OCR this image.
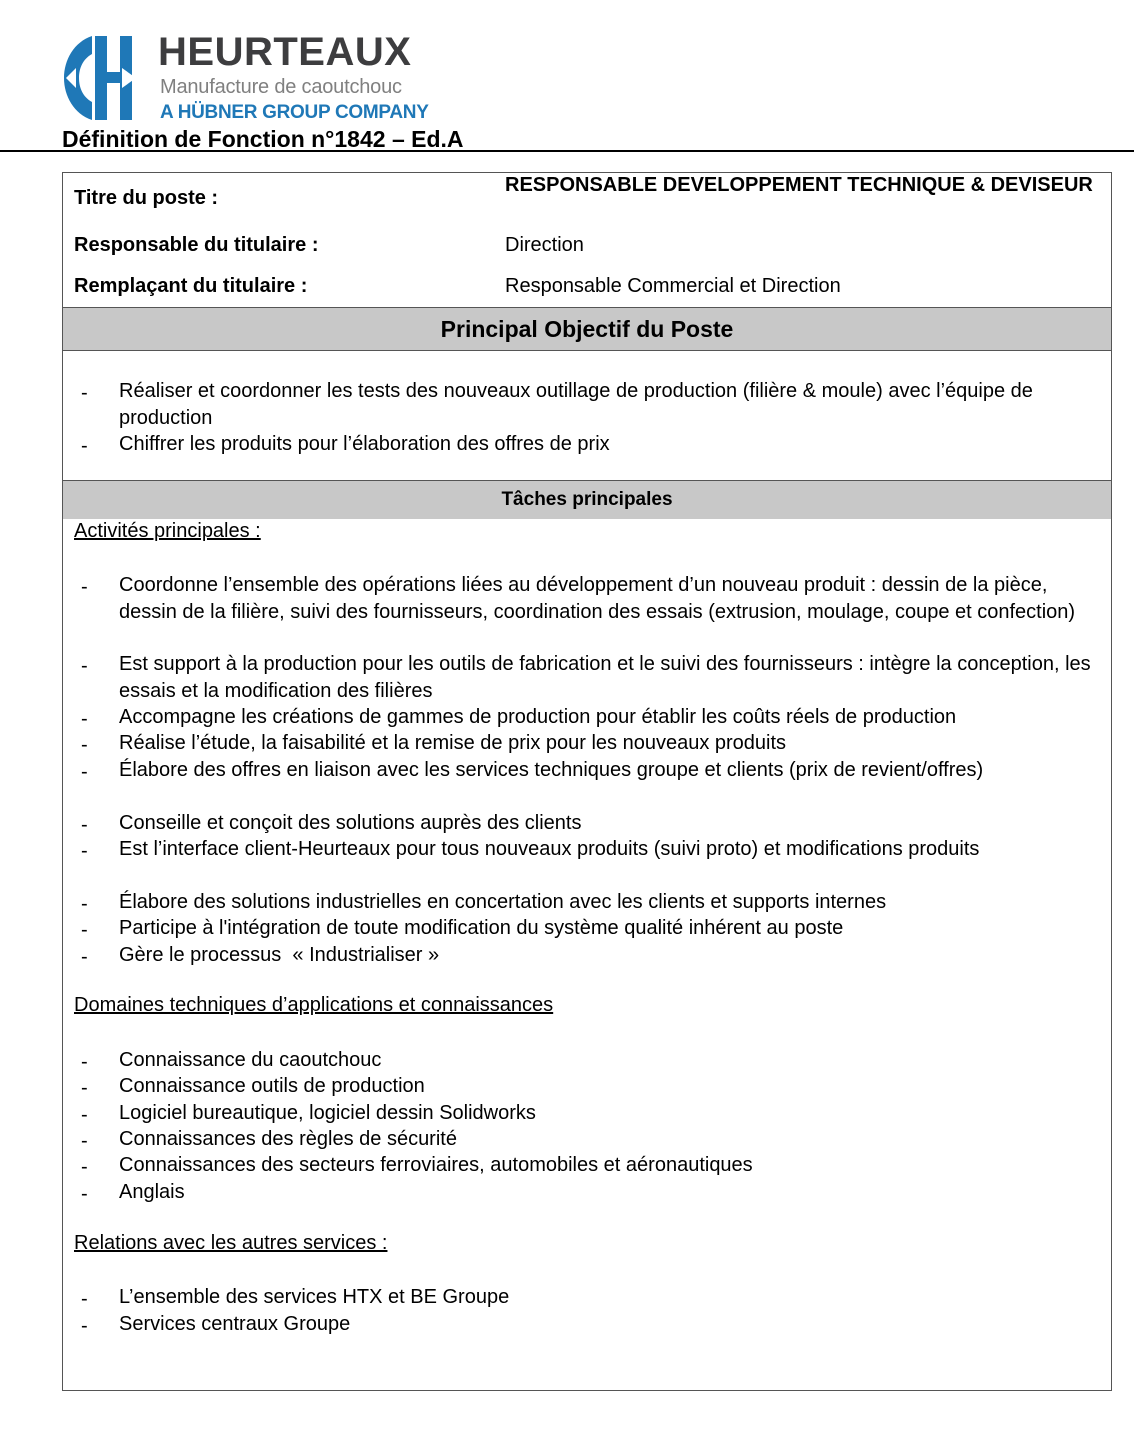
HEURTEAUX
Manufacture de caoutchouc
A HÜBNER GROUP COMPANY
Définition de Fonction n°1842 – Ed.A
Titre du poste :
RESPONSABLE DEVELOPPEMENT TECHNIQUE & DEVISEUR
Responsable du titulaire :	Direction
Remplaçant du titulaire :	Responsable Commercial et Direction
Principal Objectif du Poste
- Réaliser et coordonner les tests des nouveaux outillage de production (filière & moule) avec l’équipe de production
- Chiffrer les produits pour l’élaboration des offres de prix
Tâches principales
Activités principales :
- Coordonne l’ensemble des opérations liées au développement d’un nouveau produit : dessin de la pièce, dessin de la filière, suivi des fournisseurs, coordination des essais (extrusion, moulage, coupe et confection)
- Est support à la production pour les outils de fabrication et le suivi des fournisseurs : intègre la conception, les essais et la modification des filières
- Accompagne les créations de gammes de production pour établir les coûts réels de production
- Réalise l’étude, la faisabilité et la remise de prix pour les nouveaux produits
- Élabore des offres en liaison avec les services techniques groupe et clients (prix de revient/offres)
- Conseille et conçoit des solutions auprès des clients
- Est l’interface client-Heurteaux pour tous nouveaux produits (suivi proto) et modifications produits
- Élabore des solutions industrielles en concertation avec les clients et supports internes
- Participe à l'intégration de toute modification du système qualité inhérent au poste
- Gère le processus  « Industrialiser »
Domaines techniques d’applications et connaissances
- Connaissance du caoutchouc
- Connaissance outils de production
- Logiciel bureautique, logiciel dessin Solidworks
- Connaissances des règles de sécurité
- Connaissances des secteurs ferroviaires, automobiles et aéronautiques
- Anglais
Relations avec les autres services :
- L’ensemble des services HTX et BE Groupe
- Services centraux Groupe
